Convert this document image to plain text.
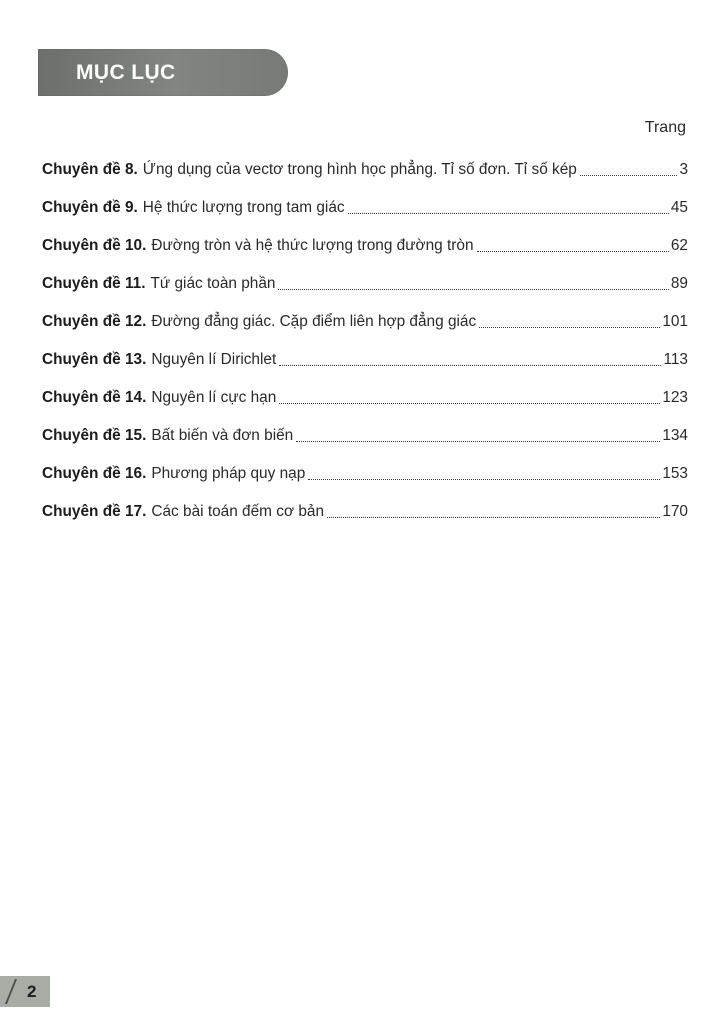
MỤC LỤC
Trang
Chuyên đề 8. Ứng dụng của vectơ trong hình học phẳng. Tỉ số đơn. Tỉ số kép	3
Chuyên đề 9. Hệ thức lượng trong tam giác	45
Chuyên đề 10. Đường tròn và hệ thức lượng trong đường tròn	62
Chuyên đề 11. Tứ giác toàn phần	89
Chuyên đề 12. Đường đẳng giác. Cặp điểm liên hợp đẳng giác	101
Chuyên đề 13. Nguyên lí Dirichlet	113
Chuyên đề 14. Nguyên lí cực hạn	123
Chuyên đề 15. Bất biến và đơn biến	134
Chuyên đề 16. Phương pháp quy nạp	153
Chuyên đề 17. Các bài toán đếm cơ bản	170
2
